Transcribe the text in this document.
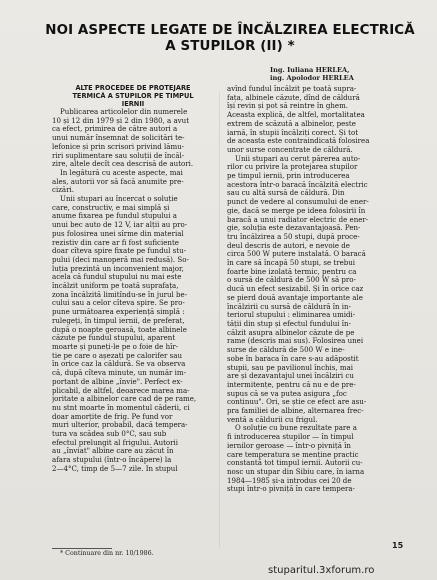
NOI ASPECTE LEGATE DE ÎNCĂLZIREA ELECTRICĂ
A STUPILOR (II) *
Ing. Iuliana HERLEA,
ing. Apolodor HERLEA
ALTE PROCEDEE DE PROTEJARE
TERMICĂ A STUPILOR PE TIMPUL
IERNII
Publicarea articolelor din numerele
10 și 12 din 1979 și 2 din 1980, a avut
ca efect, primirea de către autori a
unui număr însemnat de solicitări te-
lefonice și prin scrisori privind lămu-
riri suplimentare sau soluții de încăl-
zire, altele decît cea descrisă de autori.
În legătură cu aceste aspecte, mai
ales, autorii vor să facă anumite pre-
cizări.
Unii stupari au încercat o soluție
care, constructiv, e mai simplă și
anume fixarea pe fundul stupului a
unui bec auto de 12 V, iar alții au pro-
pus folosirea unei sîrme din material
rezistiv din care ar fi fost suficiente
doar cîteva spire fixate pe fundul stu-
pului (deci manoperă mai redusă). So-
luția prezintă un inconvenient major,
acela că fundul stupului nu mai este
încălzit uniform pe toată suprafața,
zona încălzită limitîndu-se în jurul be-
cului sau a celor cîteva spire. Se pro-
pune următoarea experiență simplă :
rulegeți, în timpul iernii, de preferat,
după o noapte geroasă, toate albinele
căzute pe fundul stupului, aparent
moarte și puneți-le pe o foie de hîr-
tie pe care o așezați pe calorifer sau
în orice caz la căldură. Se va observa
că, după cîteva minute, un număr im-
portant de albine „învie". Perfect ex-
plicabil, de altfel, deoarece marea ma-
joritate a albinelor care cad de pe rame,
nu stnt moarte în momentul căderii, ci
doar amorțite de frig. Pe fund vor
muri ulterior, probabil, dacă tempera-
tura va scădea sub 0°C, sau sub
efectul prelungit al frigului. Autorii
au „înviat" albine care au zăcut în
afara stupului (într-o încăpere) la
2—4°C, timp de 5—7 zile. În stupul
avînd fundul încălzit pe toată supra-
fața, albinele căzute, dînd de căldură
își revin și pot să reintre în ghem.
Aceasta explică, de altfel, mortalitatea
extrem de scăzută a albinelor, peste
iarnă, în stupii încălziți corect. Și tot
de aceasta este contraindicată folosirea
unor surse concentrate de căldură.
Unii stupari au cerut părerea auto-
rilor cu privire la protejarea stupilor
pe timpul iernii, prin introducerea
acestora într-o baracă încălzită electric
sau cu altă sursă de căldură. Din
punct de vedere al consumului de ener-
gie, dacă se merge pe ideea folosirii în
baracă a unui radiator electric de ener-
gie, soluția este dezavantajoasă. Pen-
tru încălzirea a 50 stupi, după proce-
deul descris de autori, e nevoie de
circa 500 W putere instalată. O baracă
în care să încapă 50 stupi, se trebui
foarte bine izolată termic, pentru ca
o sursă de căldură de 500 W să pro-
ducă un efect sesizabil. Și în orice caz
se pierd două avantaje importante ale
încălzirii cu sursă de căldură în in-
teriorul stupului : eliminarea umidi-
tății din stup și efectul fundului în-
călzit asupra albinelor căzute de pe
rame (descris mai sus). Folosirea unei
surse de căldură de 500 W e ine-
sobe în baraca în care s-au adăpostit
stupii, sau pe pavilionul închis, mai
are și dezavantajul unei încălziri cu
intermitențe, pentru că nu e de pre-
supus că se va putea asigura „foc
continuu". Ori, se știe ce efect are asu-
pra familiei de albine, alternarea frec-
ventă a căldurii cu frigul.
O soluție cu bune rezultate pare a
fi introducerea stupilor — în timpul
iernilor geroase — într-o pivniță în
care temperatura se menține practic
constantă tot timpul iernii. Autorii cu-
nosc un stupar din Sibiu care, în iarna
1984—1985 și-a introdus cei 20 de
stupi într-o pivniță în care tempera-
* Continuare din nr. 10/1986.
15
stuparitul.3xforum.ro
